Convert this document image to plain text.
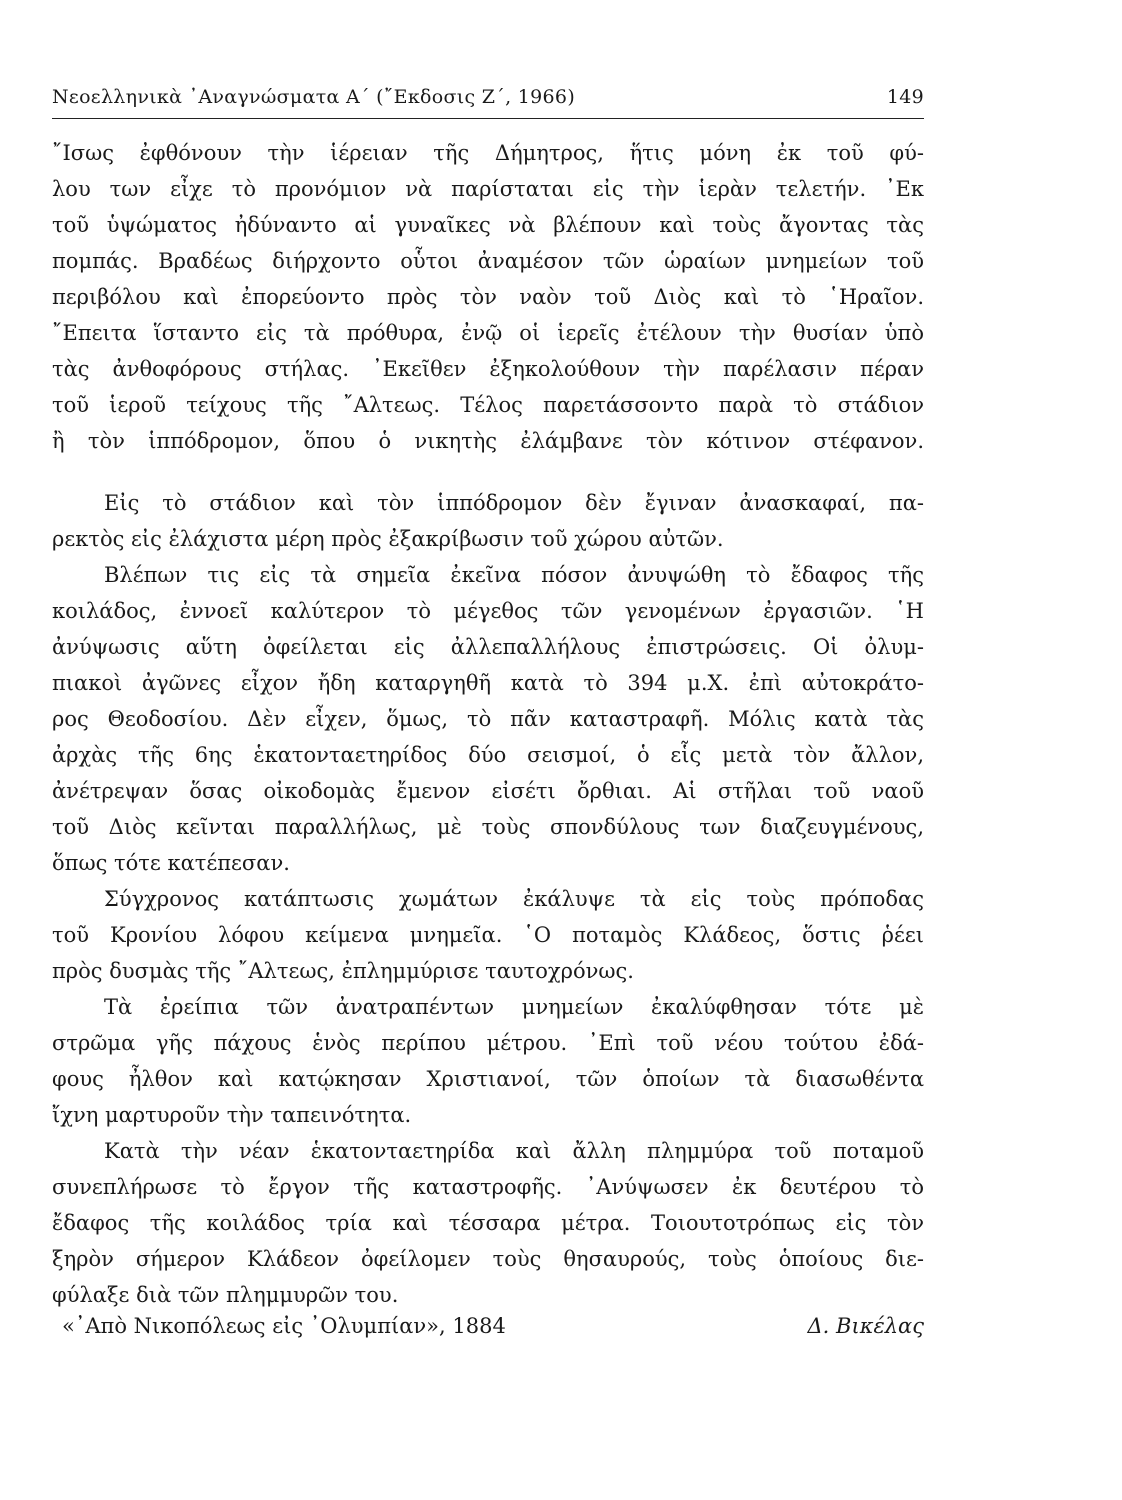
Νεοελληνικὰ ᾿Αναγνώσματα Α΄ (῎Εκδοσις Ζ΄, 1966)	149
῎Ισως ἐφθόνουν τὴν ἱέρειαν τῆς Δήμητρος, ἥτις μόνη ἐκ τοῦ φύ-
λου των εἶχε τὸ προνόμιον νὰ παρίσταται εἰς τὴν ἱερὰν τελετήν. ᾿Εκ
τοῦ ὑψώματος ἠδύναντο αἱ γυναῖκες νὰ βλέπουν καὶ τοὺς ἄγοντας τὰς
πομπάς. Βραδέως διήρχοντο οὗτοι ἀναμέσον τῶν ὡραίων μνημείων τοῦ
περιβόλου καὶ ἐπορεύοντο πρὸς τὸν ναὸν τοῦ Διὸς καὶ τὸ ῾Ηραῖον.
῎Επειτα ἵσταντο εἰς τὰ πρόθυρα, ἐνῷ οἱ ἱερεῖς ἐτέλουν τὴν θυσίαν ὑπὸ
τὰς ἀνθοφόρους στήλας. ᾿Εκεῖθεν ἐξηκολούθουν τὴν παρέλασιν πέραν
τοῦ ἱεροῦ τείχους τῆς ῎Αλτεως. Τέλος παρετάσσοντο παρὰ τὸ στάδιον
ἢ τὸν ἱππόδρομον, ὅπου ὁ νικητὴς ἐλάμβανε τὸν κότινον στέφανον.
Εἰς τὸ στάδιον καὶ τὸν ἱππόδρομον δὲν ἔγιναν ἀνασκαφαί, πα-
ρεκτὸς εἰς ἐλάχιστα μέρη πρὸς ἐξακρίβωσιν τοῦ χώρου αὐτῶν.
Βλέπων τις εἰς τὰ σημεῖα ἐκεῖνα πόσον ἀνυψώθη τὸ ἔδαφος τῆς
κοιλάδος, ἐννοεῖ καλύτερον τὸ μέγεθος τῶν γενομένων ἐργασιῶν. ῾Η
ἀνύψωσις αὕτη ὀφείλεται εἰς ἀλλεπαλλήλους ἐπιστρώσεις. Οἱ ὀλυμ-
πιακοὶ ἀγῶνες εἶχον ἤδη καταργηθῆ κατὰ τὸ 394 μ.Χ. ἐπὶ αὐτοκράτο-
ρος Θεοδοσίου. Δὲν εἶχεν, ὅμως, τὸ πᾶν καταστραφῆ. Μόλις κατὰ τὰς
ἀρχὰς τῆς 6ης ἑκατονταετηρίδος δύο σεισμοί, ὁ εἷς μετὰ τὸν ἄλλον,
ἀνέτρεψαν ὅσας οἰκοδομὰς ἔμενον εἰσέτι ὄρθιαι. Αἱ στῆλαι τοῦ ναοῦ
τοῦ Διὸς κεῖνται παραλλήλως, μὲ τοὺς σπονδύλους των διαζευγμένους,
ὅπως τότε κατέπεσαν.
Σύγχρονος κατάπτωσις χωμάτων ἐκάλυψε τὰ εἰς τοὺς πρόποδας
τοῦ Κρονίου λόφου κείμενα μνημεῖα. ῾Ο ποταμὸς Κλάδεος, ὅστις ῥέει
πρὸς δυσμὰς τῆς ῎Αλτεως, ἐπλημμύρισε ταυτοχρόνως.
Τὰ ἐρείπια τῶν ἀνατραπέντων μνημείων ἐκαλύφθησαν τότε μὲ
στρῶμα γῆς πάχους ἑνὸς περίπου μέτρου. ᾿Επὶ τοῦ νέου τούτου ἐδά-
φους ἦλθον καὶ κατῴκησαν Χριστιανοί, τῶν ὁποίων τὰ διασωθέντα
ἴχνη μαρτυροῦν τὴν ταπεινότητα.
Κατὰ τὴν νέαν ἑκατονταετηρίδα καὶ ἄλλη πλημμύρα τοῦ ποταμοῦ
συνεπλήρωσε τὸ ἔργον τῆς καταστροφῆς. ᾿Ανύψωσεν ἐκ δευτέρου τὸ
ἔδαφος τῆς κοιλάδος τρία καὶ τέσσαρα μέτρα. Τοιουτοτρόπως εἰς τὸν
ξηρὸν σήμερον Κλάδεον ὀφείλομεν τοὺς θησαυρούς, τοὺς ὁποίους διε-
φύλαξε διὰ τῶν πλημμυρῶν του.
«᾿Απὸ Νικοπόλεως εἰς ᾿Ολυμπίαν», 1884	Δ. Βικέλας
